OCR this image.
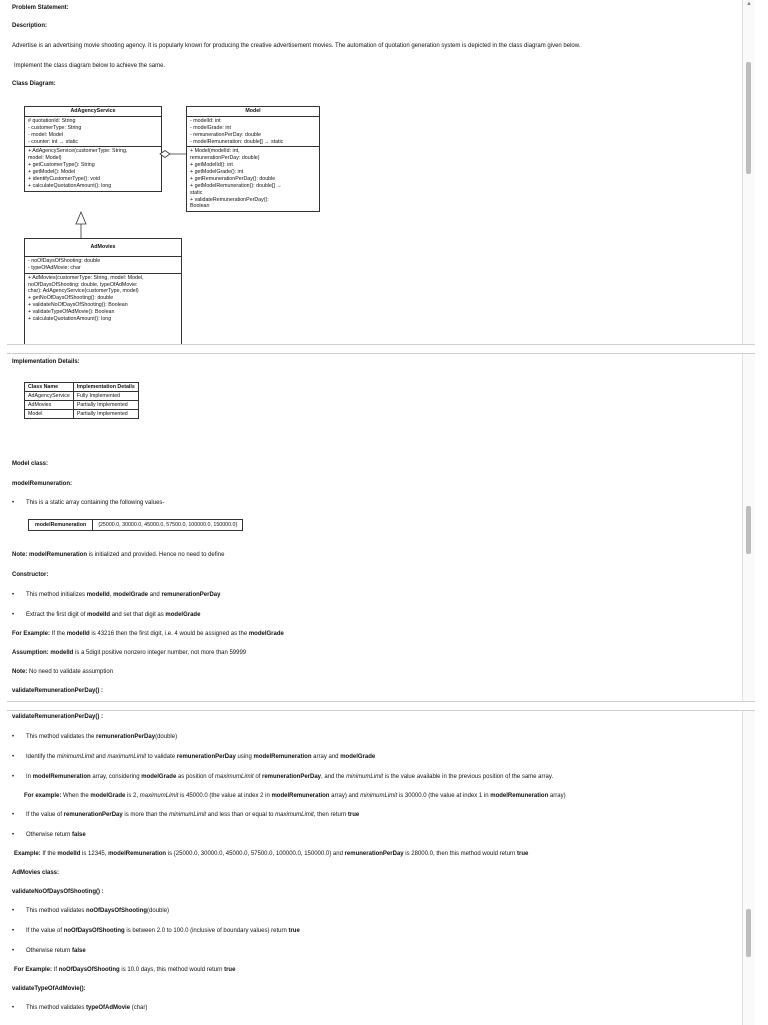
Problem Statement:

Description:

Advertise is an advertising movie shooting agency. It is popularly known for producing the creative advertisement movies. The automation of quotation generation system is depicted in the class diagram given below.

Implement the class diagram below to achieve the same.

Class Diagram:

AdAgencyService
# quotationId: String
- customerType: String
- model: Model
- counter: int → static
+ AdAgencyService(customerType: String,
model: Model)
+ getCustomerType(): String
+ getModel(): Model
+ identifyCustomerType(): void
+ calculateQuotationAmount(): long
Model
- modelId: int
- modelGrade: int
- remunerationPerDay: double
- modelRemuneration: double[] → static
+ Model(modelId: int,
remunerationPerDay: double)
+ getModelId(): int
+ getModelGrade(): int
+ getRemunerationPerDay(): double
+ getModelRemuneration(): double[] →
static
+ validateRemunerationPerDay():
Boolean
AdMovies
- noOfDaysOfShooting: double
- typeOfAdMovie: char
+ AdMovies(customerType: String, model: Model,
noOfDaysOfShooting: double, typeOfAdMovie:
char): AdAgencyService(customerType, model)
+ getNoOfDaysOfShooting(): double
+ validateNoOfDaysOfShooting(): Boolean
+ validateTypeOfAdMovie(): Boolean
+ calculateQuotationAmount(): long
▲

Implementation Details:

Class Name	Implementation Details
AdAgencyService	Fully Implemented
AdMovies	Partially Implemented
Model	Partially Implemented

Model class:

modelRemuneration:

• This is a static array containing the following values-

modelRemuneration	{25000.0, 30000.0, 45000.0, 57500.0, 100000.0, 150000.0}

Note: modelRemuneration is initialized and provided. Hence no need to define

Constructor:

• This method initializes modelId, modelGrade and remunerationPerDay

• Extract the first digit of modelId and set that digit as modelGrade

For Example: If the modelId is 43216 then the first digit, i.e. 4 would be assigned as the modelGrade

Assumption: modelId is a 5digit positive nonzero integer number, not more than 59999

Note: No need to validate assumption

validateRemunerationPerDay() :

validateRemunerationPerDay() :

• This method validates the remunerationPerDay(double)

• Identify the minimumLimit and maximumLimit to validate remunerationPerDay using modelRemuneration array and modelGrade

• In modelRemuneration array, considering modelGrade as position of maximumLimit of remunerationPerDay, and the minimumLimit is the value available in the previous position of the same array.

For example: When the modelGrade is 2, maximumLimit is 45000.0 (the value at index 2 in modelRemuneration array) and minimumLimit is 30000.0 (the value at index 1 in modelRemuneration array)

• If the value of remunerationPerDay is more than the minimumLimit and less than or equal to maximumLimit, then return true

• Otherwise return false

Example: If the modelId is 12345, modelRemuneration is {25000.0, 30000.0, 45000.0, 57500.0, 100000.0, 150000.0} and remunerationPerDay is 28000.0, then this method would return true

AdMovies class:

validateNoOfDaysOfShooting() :

• This method validates noOfDaysOfShooting(double)

• If the value of noOfDaysOfShooting is between 2.0 to 100.0 (inclusive of boundary values) return true

• Otherwise return false

For Example: If noOfDaysOfShooting is 10.0 days, this method would return true

validateTypeOfAdMovie():

• This method validates typeOfAdMovie (char)
